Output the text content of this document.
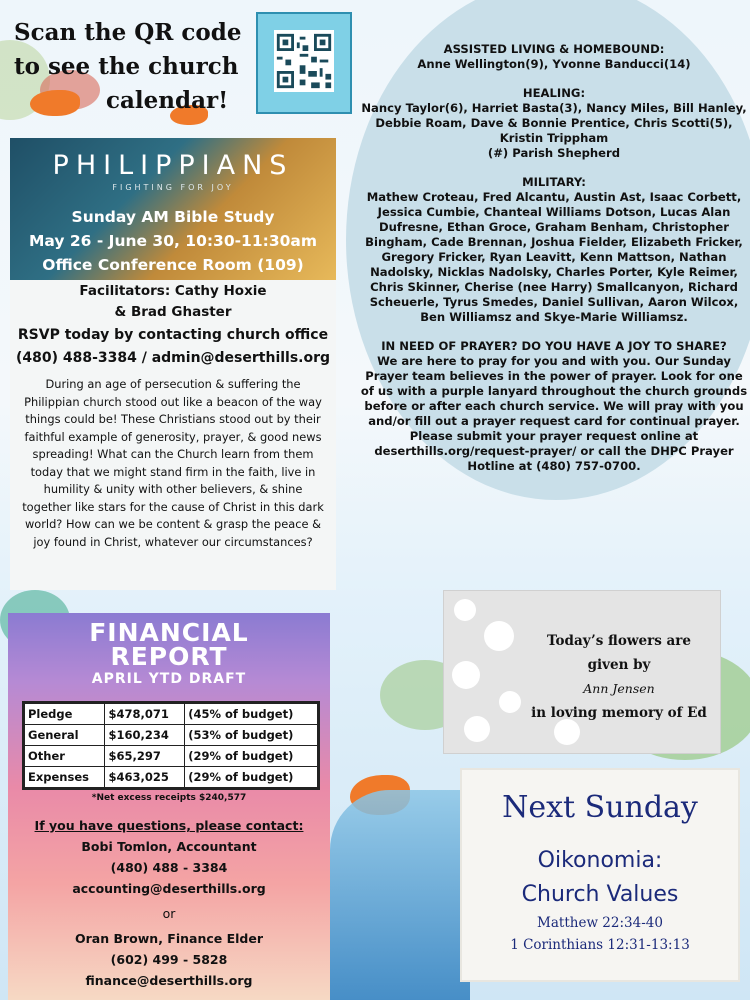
Scan the QR code
to see the church
calendar!
PHILIPPIANS
FIGHTING FOR JOY
Sunday AM Bible Study
May 26 - June 30, 10:30-11:30am
Office Conference Room (109)
Facilitators: Cathy Hoxie
& Brad Ghaster
RSVP today by contacting church office
(480) 488-3384 / admin@deserthills.org
During an age of persecution & suffering the Philippian church stood out like a beacon of the way things could be! These Christians stood out by their faithful example of generosity, prayer, & good news spreading! What can the Church learn from them today that we might stand firm in the faith, live in humility & unity with other believers, & shine together like stars for the cause of Christ in this dark world? How can we be content & grasp the peace & joy found in Christ, whatever our circumstances?
FINANCIAL
REPORT
APRIL YTD DRAFT
Pledge	$478,071	(45% of budget)
General	$160,234	(53% of budget)
Other	$65,297	(29% of budget)
Expenses	$463,025	(29% of budget)
*Net excess receipts $240,577
If you have questions, please contact:
Bobi Tomlon, Accountant
(480) 488 - 3384
accounting@deserthills.org
or
Oran Brown, Finance Elder
(602) 499 - 5828
finance@deserthills.org
ASSISTED LIVING & HOMEBOUND:
Anne Wellington(9), Yvonne Banducci(14)
HEALING:
Nancy Taylor(6), Harriet Basta(3), Nancy Miles, Bill Hanley, Debbie Roam, Dave & Bonnie Prentice, Chris Scotti(5), Kristin Trippham
(#) Parish Shepherd
MILITARY:
Mathew Croteau, Fred Alcantu, Austin Ast, Isaac Corbett, Jessica Cumbie, Chanteal Williams Dotson, Lucas Alan Dufresne, Ethan Groce, Graham Benham, Christopher Bingham, Cade Brennan, Joshua Fielder, Elizabeth Fricker, Gregory Fricker, Ryan Leavitt, Kenn Mattson, Nathan Nadolsky, Nicklas Nadolsky, Charles Porter, Kyle Reimer, Chris Skinner, Cherise (nee Harry) Smallcanyon, Richard Scheuerle, Tyrus Smedes, Daniel Sullivan, Aaron Wilcox, Ben Williamsz and Skye-Marie Williamsz.
IN NEED OF PRAYER? DO YOU HAVE A JOY TO SHARE?
We are here to pray for you and with you. Our Sunday Prayer team believes in the power of prayer. Look for one of us with a purple lanyard throughout the church grounds before or after each church service. We will pray with you and/or fill out a prayer request card for continual prayer. Please submit your prayer request online at deserthills.org/request-prayer/ or call the DHPC Prayer Hotline at (480) 757-0700.
Today’s flowers are
given by
Ann Jensen
in loving memory of Ed
Next Sunday
Oikonomia:
Church Values
Matthew 22:34-40
1 Corinthians 12:31-13:13
